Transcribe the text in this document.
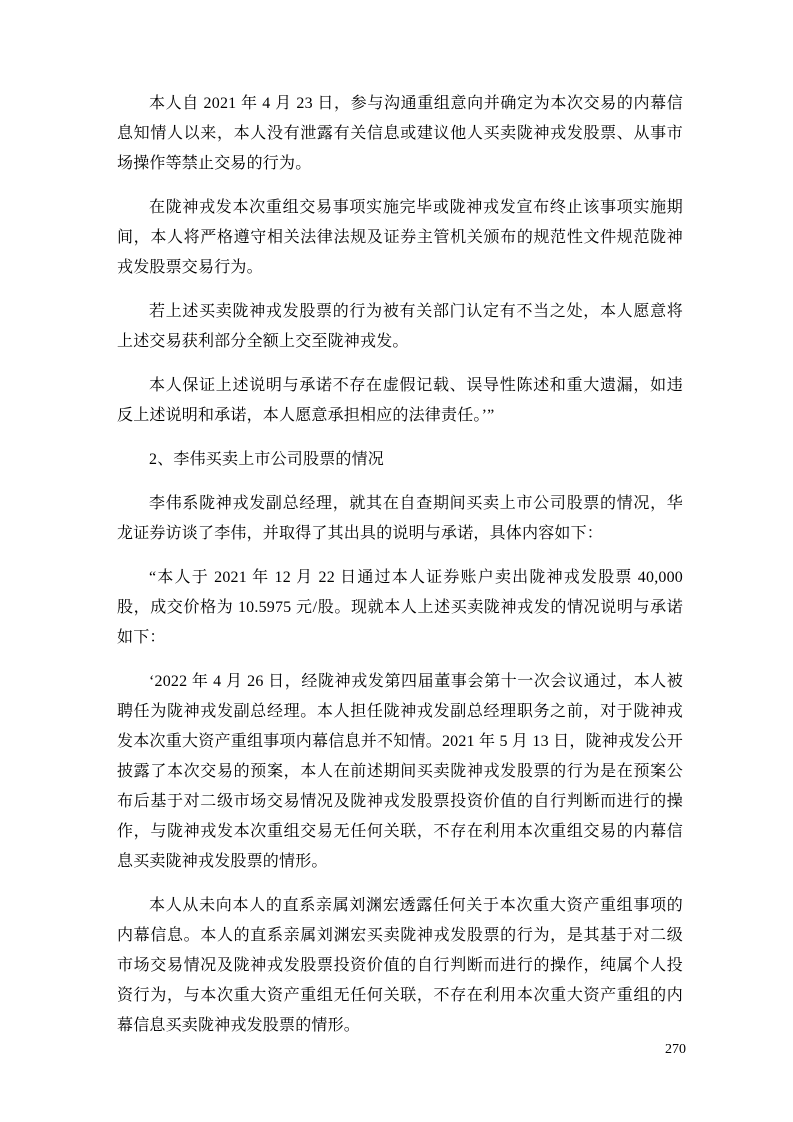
本人自 2021 年 4 月 23 日，参与沟通重组意向并确定为本次交易的内幕信息知情人以来，本人没有泄露有关信息或建议他人买卖陇神戎发股票、从事市场操作等禁止交易的行为。

在陇神戎发本次重组交易事项实施完毕或陇神戎发宣布终止该事项实施期间，本人将严格遵守相关法律法规及证券主管机关颁布的规范性文件规范陇神戎发股票交易行为。

若上述买卖陇神戎发股票的行为被有关部门认定有不当之处，本人愿意将上述交易获利部分全额上交至陇神戎发。

本人保证上述说明与承诺不存在虚假记载、误导性陈述和重大遗漏，如违反上述说明和承诺，本人愿意承担相应的法律责任。’”

2、李伟买卖上市公司股票的情况

李伟系陇神戎发副总经理，就其在自查期间买卖上市公司股票的情况，华龙证券访谈了李伟，并取得了其出具的说明与承诺，具体内容如下：

“本人于 2021 年 12 月 22 日通过本人证券账户卖出陇神戎发股票 40,000 股，成交价格为 10.5975 元/股。现就本人上述买卖陇神戎发的情况说明与承诺如下：

‘2022 年 4 月 26 日，经陇神戎发第四届董事会第十一次会议通过，本人被聘任为陇神戎发副总经理。本人担任陇神戎发副总经理职务之前，对于陇神戎发本次重大资产重组事项内幕信息并不知情。2021 年 5 月 13 日，陇神戎发公开披露了本次交易的预案，本人在前述期间买卖陇神戎发股票的行为是在预案公布后基于对二级市场交易情况及陇神戎发股票投资价值的自行判断而进行的操作，与陇神戎发本次重组交易无任何关联，不存在利用本次重组交易的内幕信息买卖陇神戎发股票的情形。

本人从未向本人的直系亲属刘渊宏透露任何关于本次重大资产重组事项的内幕信息。本人的直系亲属刘渊宏买卖陇神戎发股票的行为，是其基于对二级市场交易情况及陇神戎发股票投资价值的自行判断而进行的操作，纯属个人投资行为，与本次重大资产重组无任何关联，不存在利用本次重大资产重组的内幕信息买卖陇神戎发股票的情形。

270
